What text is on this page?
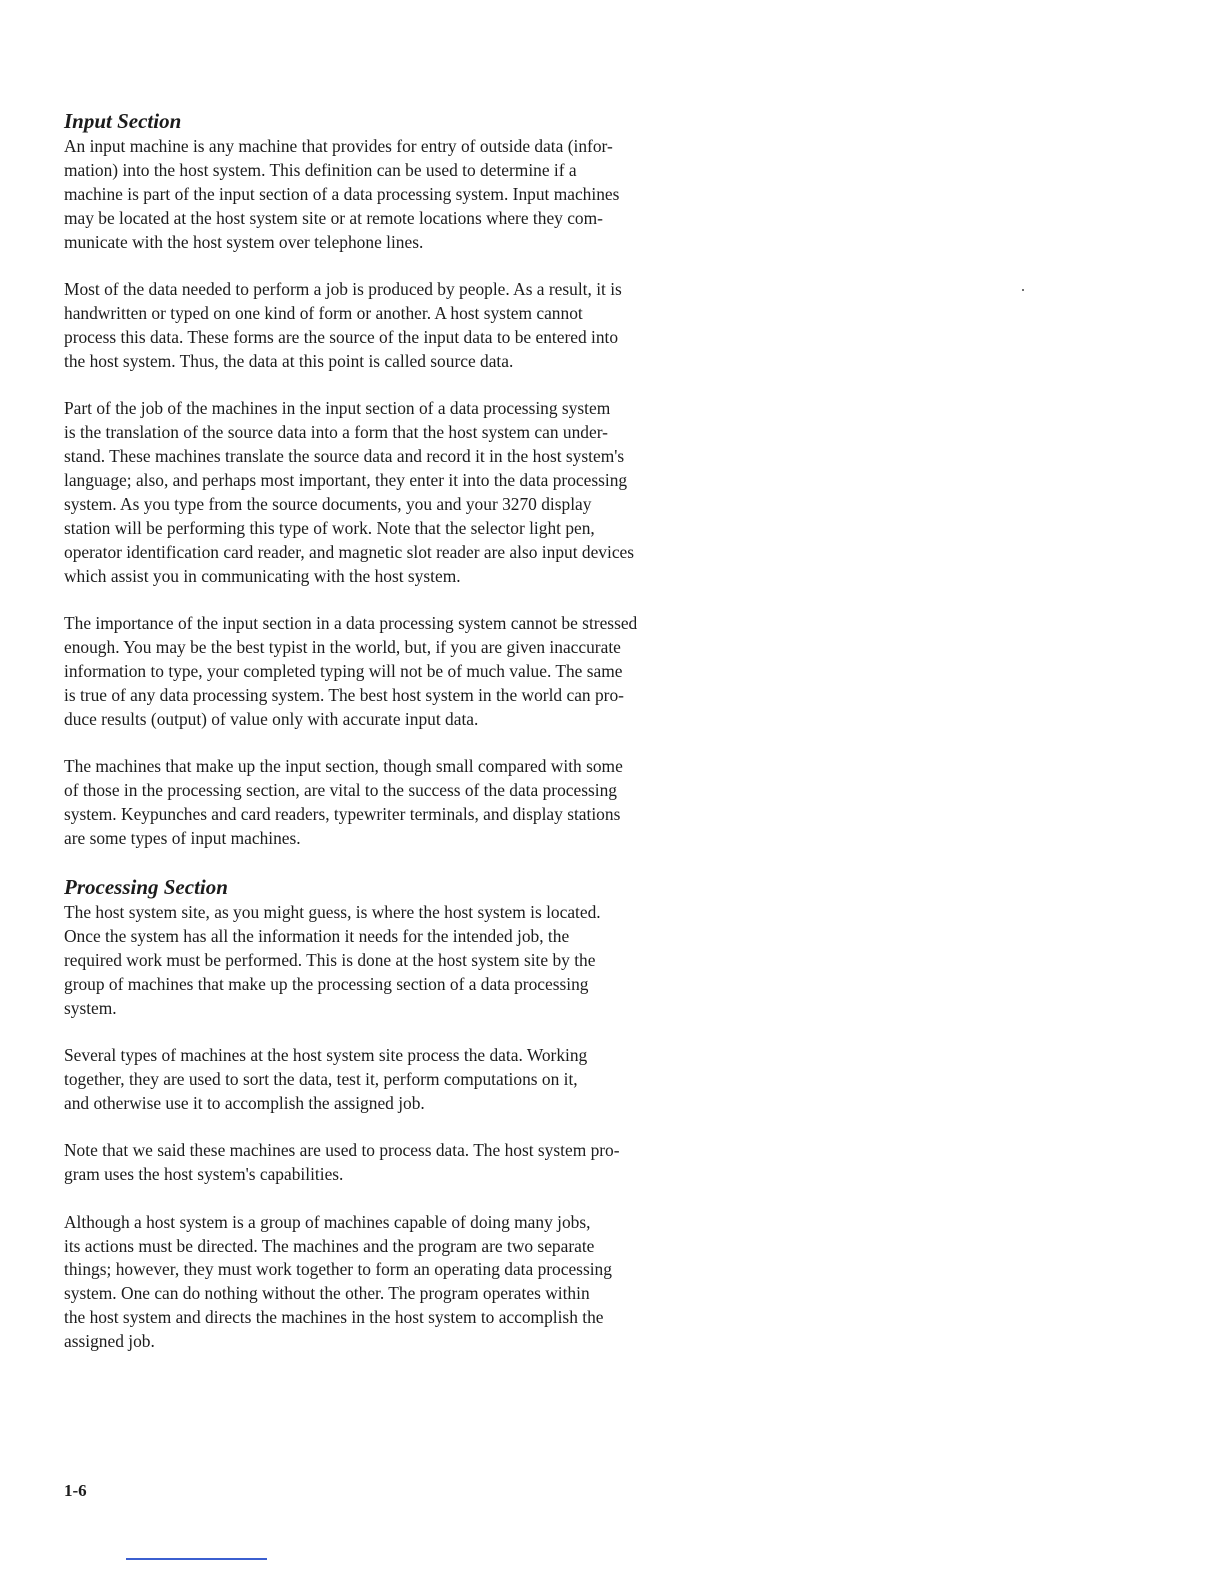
Input Section
An input machine is any machine that provides for entry of outside data (infor-
mation) into the host system. This definition can be used to determine if a
machine is part of the input section of a data processing system. Input machines
may be located at the host system site or at remote locations where they com-
municate with the host system over telephone lines.
Most of the data needed to perform a job is produced by people. As a result, it is
handwritten or typed on one kind of form or another. A host system cannot
process this data. These forms are the source of the input data to be entered into
the host system. Thus, the data at this point is called source data.
Part of the job of the machines in the input section of a data processing system
is the translation of the source data into a form that the host system can under-
stand. These machines translate the source data and record it in the host system's
language; also, and perhaps most important, they enter it into the data processing
system. As you type from the source documents, you and your 3270 display
station will be performing this type of work. Note that the selector light pen,
operator identification card reader, and magnetic slot reader are also input devices
which assist you in communicating with the host system.
The importance of the input section in a data processing system cannot be stressed
enough. You may be the best typist in the world, but, if you are given inaccurate
information to type, your completed typing will not be of much value. The same
is true of any data processing system. The best host system in the world can pro-
duce results (output) of value only with accurate input data.
The machines that make up the input section, though small compared with some
of those in the processing section, are vital to the success of the data processing
system. Keypunches and card readers, typewriter terminals, and display stations
are some types of input machines.
Processing Section
The host system site, as you might guess, is where the host system is located.
Once the system has all the information it needs for the intended job, the
required work must be performed. This is done at the host system site by the
group of machines that make up the processing section of a data processing
system.
Several types of machines at the host system site process the data. Working
together, they are used to sort the data, test it, perform computations on it,
and otherwise use it to accomplish the assigned job.
Note that we said these machines are used to process data. The host system pro-
gram uses the host system's capabilities.
Although a host system is a group of machines capable of doing many jobs,
its actions must be directed. The machines and the program are two separate
things; however, they must work together to form an operating data processing
system. One can do nothing without the other. The program operates within
the host system and directs the machines in the host system to accomplish the
assigned job.
1-6
